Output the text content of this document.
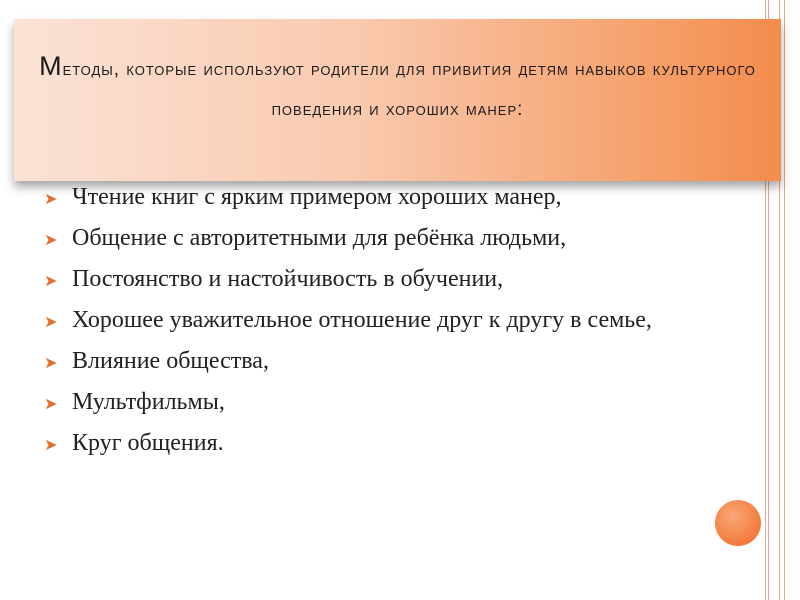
Методы, которые используют родители для привития детям навыков культурного поведения и хороших манер:
➤ Чтение книг с ярким примером хороших манер,
➤ Общение с авторитетными для ребёнка людьми,
➤ Постоянство и настойчивость в обучении,
➤ Хорошее уважительное отношение друг к другу в семье,
➤ Влияние общества,
➤ Мультфильмы,
➤ Круг общения.
